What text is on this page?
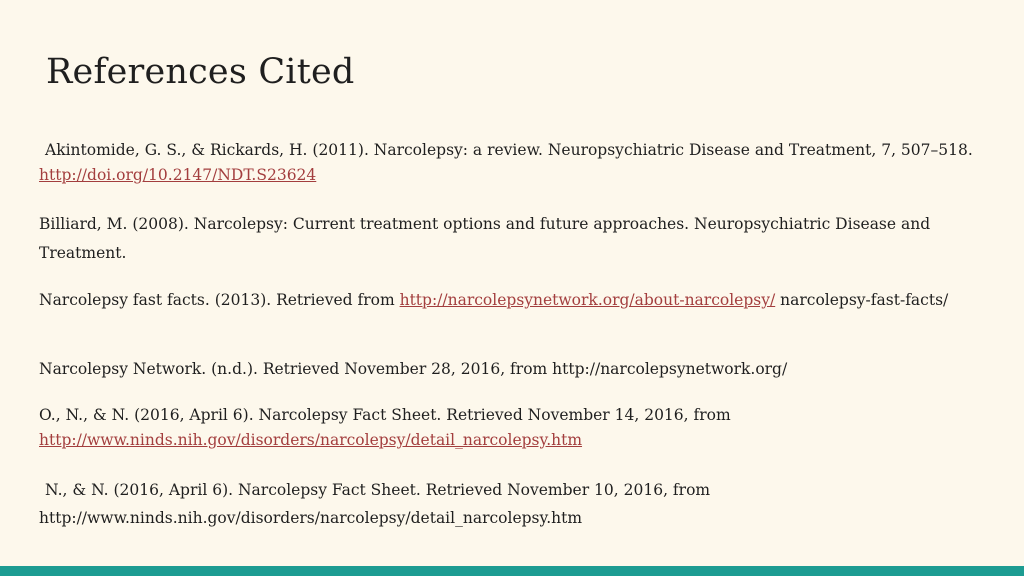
References Cited

Akintomide, G. S., & Rickards, H. (2011). Narcolepsy: a review. Neuropsychiatric Disease and Treatment, 7, 507–518. http://doi.org/10.2147/NDT.S23624

Billiard, M. (2008). Narcolepsy: Current treatment options and future approaches. Neuropsychiatric Disease and Treatment.

Narcolepsy fast facts. (2013). Retrieved from http://narcolepsynetwork.org/about-narcolepsy/ narcolepsy-fast-facts/

Narcolepsy Network. (n.d.). Retrieved November 28, 2016, from http://narcolepsynetwork.org/

O., N., & N. (2016, April 6). Narcolepsy Fact Sheet. Retrieved November 14, 2016, from http://www.ninds.nih.gov/disorders/narcolepsy/detail_narcolepsy.htm

N., & N. (2016, April 6). Narcolepsy Fact Sheet. Retrieved November 10, 2016, from
http://www.ninds.nih.gov/disorders/narcolepsy/detail_narcolepsy.htm
